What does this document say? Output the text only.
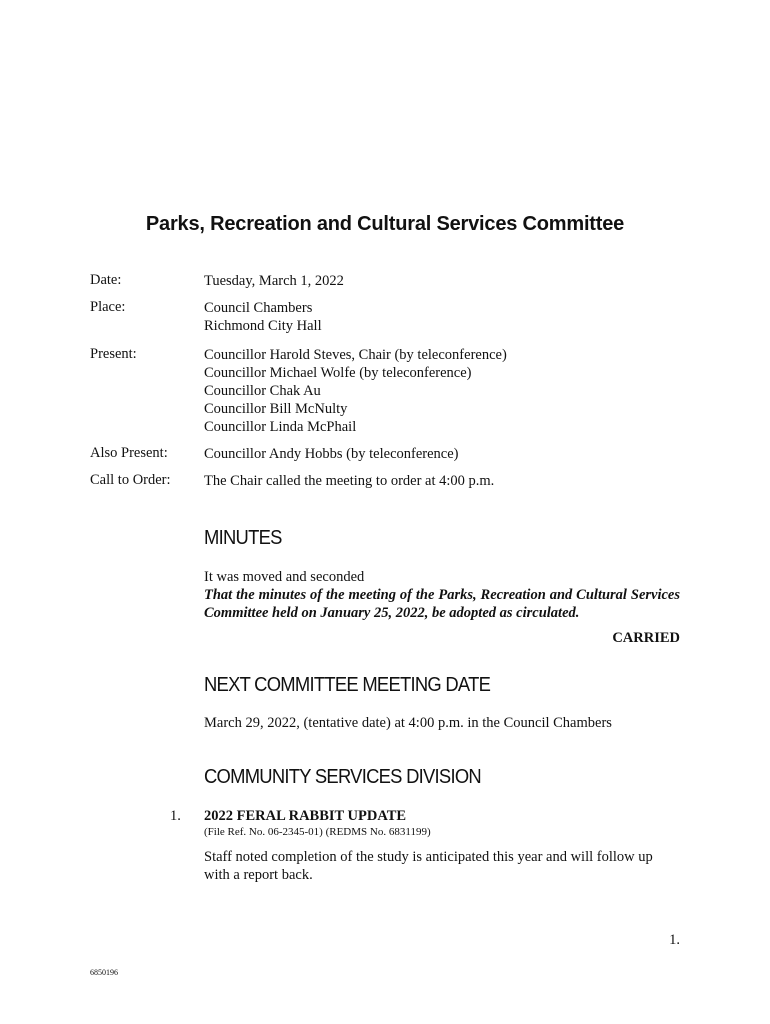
Parks, Recreation and Cultural Services Committee
Date:	Tuesday, March 1, 2022
Place:	Council Chambers
Richmond City Hall
Present:	Councillor Harold Steves, Chair (by teleconference)
Councillor Michael Wolfe (by teleconference)
Councillor Chak Au
Councillor Bill McNulty
Councillor Linda McPhail
Also Present:	Councillor Andy Hobbs (by teleconference)
Call to Order: The Chair called the meeting to order at 4:00 p.m.
MINUTES
It was moved and seconded
That the minutes of the meeting of the Parks, Recreation and Cultural Services Committee held on January 25, 2022, be adopted as circulated.
CARRIED
NEXT COMMITTEE MEETING DATE
March 29, 2022, (tentative date) at 4:00 p.m. in the Council Chambers
COMMUNITY SERVICES DIVISION
1. 2022 FERAL RABBIT UPDATE
(File Ref. No. 06-2345-01) (REDMS No. 6831199)
Staff noted completion of the study is anticipated this year and will follow up with a report back.
1.
6850196
